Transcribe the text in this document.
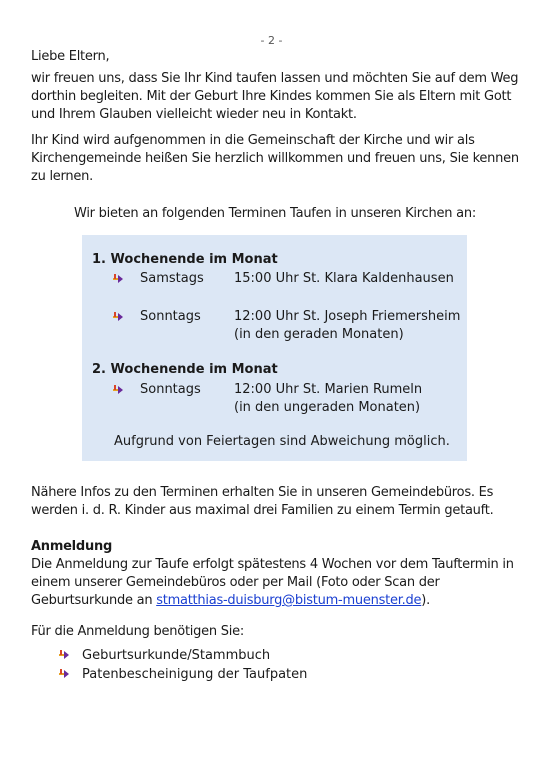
- 2 -
Liebe Eltern,
wir freuen uns, dass Sie Ihr Kind taufen lassen und möchten Sie auf dem Weg dorthin begleiten. Mit der Geburt Ihre Kindes kommen Sie als Eltern mit Gott und Ihrem Glauben vielleicht wieder neu in Kontakt.
Ihr Kind wird aufgenommen in die Gemeinschaft der Kirche und wir als Kirchengemeinde heißen Sie herzlich willkommen und freuen uns, Sie kennen zu lernen.
Wir bieten an folgenden Terminen Taufen in unseren Kirchen an:
1. Wochenende im Monat
Samstags 15:00 Uhr St. Klara Kaldenhausen
Sonntags	12:00 Uhr St. Joseph Friemersheim
(in den geraden Monaten)
2. Wochenende im Monat
Sonntags	12:00 Uhr St. Marien Rumeln
(in den ungeraden Monaten)
Aufgrund von Feiertagen sind Abweichung möglich.
Nähere Infos zu den Terminen erhalten Sie in unseren Gemeindebüros. Es werden i. d. R. Kinder aus maximal drei Familien zu einem Termin getauft.
Anmeldung
Die Anmeldung zur Taufe erfolgt spätestens 4 Wochen vor dem Tauftermin in einem unserer Gemeindebüros oder per Mail (Foto oder Scan der Geburtsurkunde an stmatthias-duisburg@bistum-muenster.de).
Für die Anmeldung benötigen Sie:
Geburtsurkunde/Stammbuch
Patenbescheinigung der Taufpaten
